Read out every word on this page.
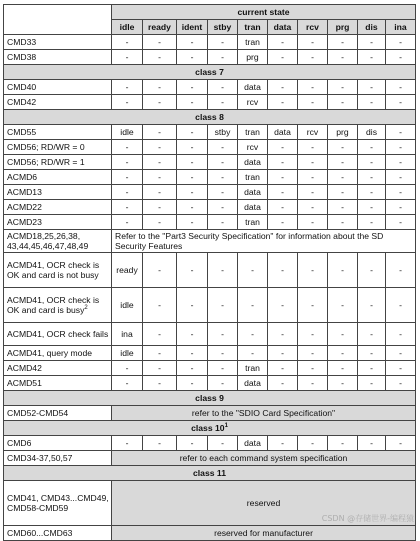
	current state									
	idle	ready	ident	stby	tran	data	rcv	prg	dis	ina
CMD33	-	-	-	-	tran	-	-	-	-	-
CMD38	-	-	-	-	prg	-	-	-	-	-
class 7										
CMD40	-	-	-	-	data	-	-	-	-	-
CMD42	-	-	-	-	rcv	-	-	-	-	-
class 8										
CMD55	idle	-	-	stby	tran	data	rcv	prg	dis	-
CMD56; RD/WR = 0	-	-	-	-	rcv	-	-	-	-	-
CMD56; RD/WR = 1	-	-	-	-	data	-	-	-	-	-
ACMD6	-	-	-	-	tran	-	-	-	-	-
ACMD13	-	-	-	-	data	-	-	-	-	-
ACMD22	-	-	-	-	data	-	-	-	-	-
ACMD23	-	-	-	-	tran	-	-	-	-	-
ACMD18,25,26,38, 43,44,45,46,47,48,49	Refer to the "Part3 Security Specification" for information about the SD Security Features									
ACMD41, OCR check is OK and card is not busy	ready	-	-	-	-	-	-	-	-	-
ACMD41, OCR check is OK and card is busy$^2$	idle	-	-	-	-	-	-	-	-	-
ACMD41, OCR check fails	ina	-	-	-	-	-	-	-	-	-
ACMD41, query mode	idle	-	-	-	-	-	-	-	-	-
ACMD42	-	-	-	-	tran	-	-	-	-	-
ACMD51	-	-	-	-	data	-	-	-	-	-
class 9										
CMD52-CMD54	refer to the "SDIO Card Specification"									
class $10^1$
CMD6	-	-	-	-	data	-	-	-	-	-
CMD34-37,50,57	refer to each command system specification									
class 11										
CMD41, CMD43...CMD49, CMD58-CMD59	reserved									
CMD60...CMD63	reserved for manufacturer									
CSDN @存储世界-编程猿
